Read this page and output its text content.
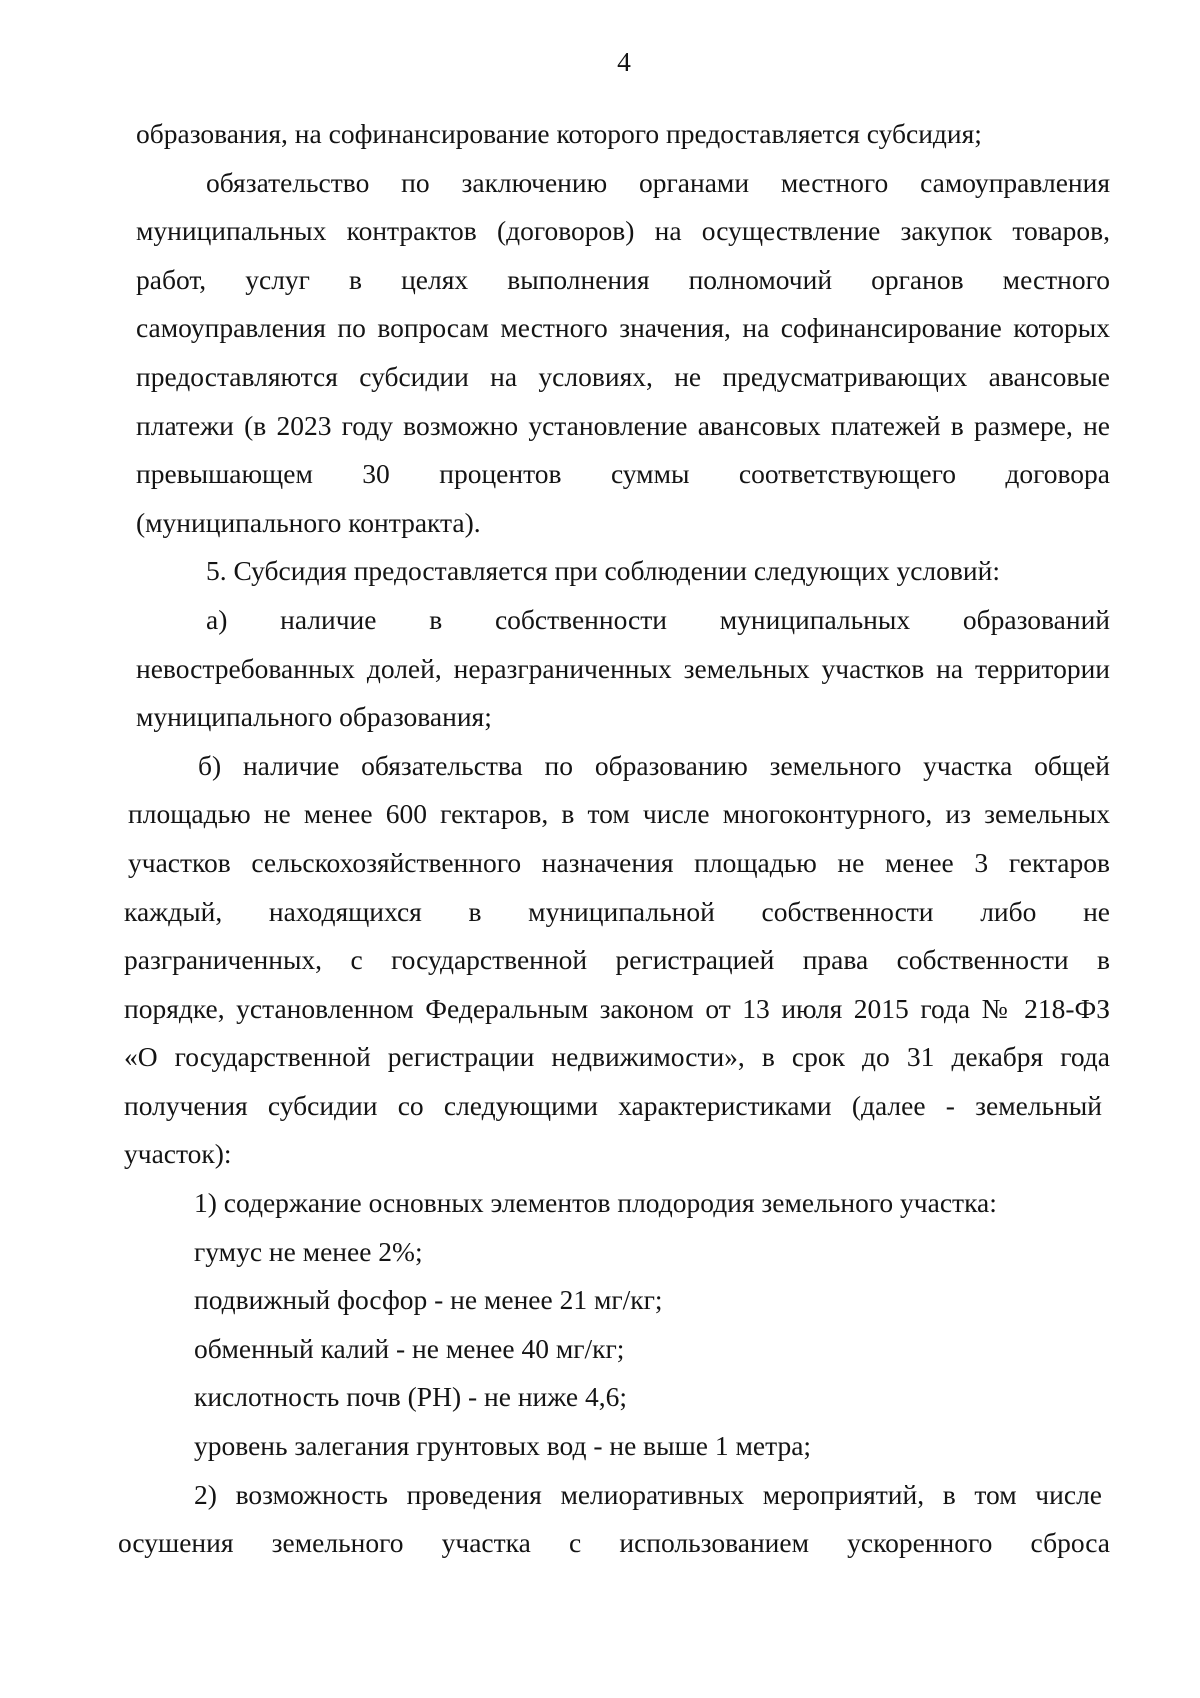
4
образования, на софинансирование которого предоставляется субсидия;
обязательство по заключению органами местного самоуправления
муниципальных контрактов (договоров) на осуществление закупок товаров,
работ, услуг в целях выполнения полномочий органов местного
самоуправления по вопросам местного значения, на софинансирование которых
предоставляются субсидии на условиях, не предусматривающих авансовые
платежи (в 2023 году возможно установление авансовых платежей в размере, не
превышающем 30 процентов суммы соответствующего договора
(муниципального контракта).
5. Субсидия предоставляется при соблюдении следующих условий:
а) наличие в собственности муниципальных образований
невостребованных долей, неразграниченных земельных участков на территории
муниципального образования;
б) наличие обязательства по образованию земельного участка общей
площадью не менее 600 гектаров, в том числе многоконтурного, из земельных
участков сельскохозяйственного назначения площадью не менее 3 гектаров
каждый, находящихся в муниципальной собственности либо не
разграниченных, с государственной регистрацией права собственности в
порядке, установленном Федеральным законом от 13 июля 2015 года № 218-ФЗ
«О государственной регистрации недвижимости», в срок до 31 декабря года
получения субсидии со следующими характеристиками (далее - земельный
участок):
1) содержание основных элементов плодородия земельного участка:
гумус не менее 2%;
подвижный фосфор - не менее 21 мг/кг;
обменный калий - не менее 40 мг/кг;
кислотность почв (PH) - не ниже 4,6;
уровень залегания грунтовых вод - не выше 1 метра;
2) возможность проведения мелиоративных мероприятий, в том числе
осушения земельного участка с использованием ускоренного сброса
